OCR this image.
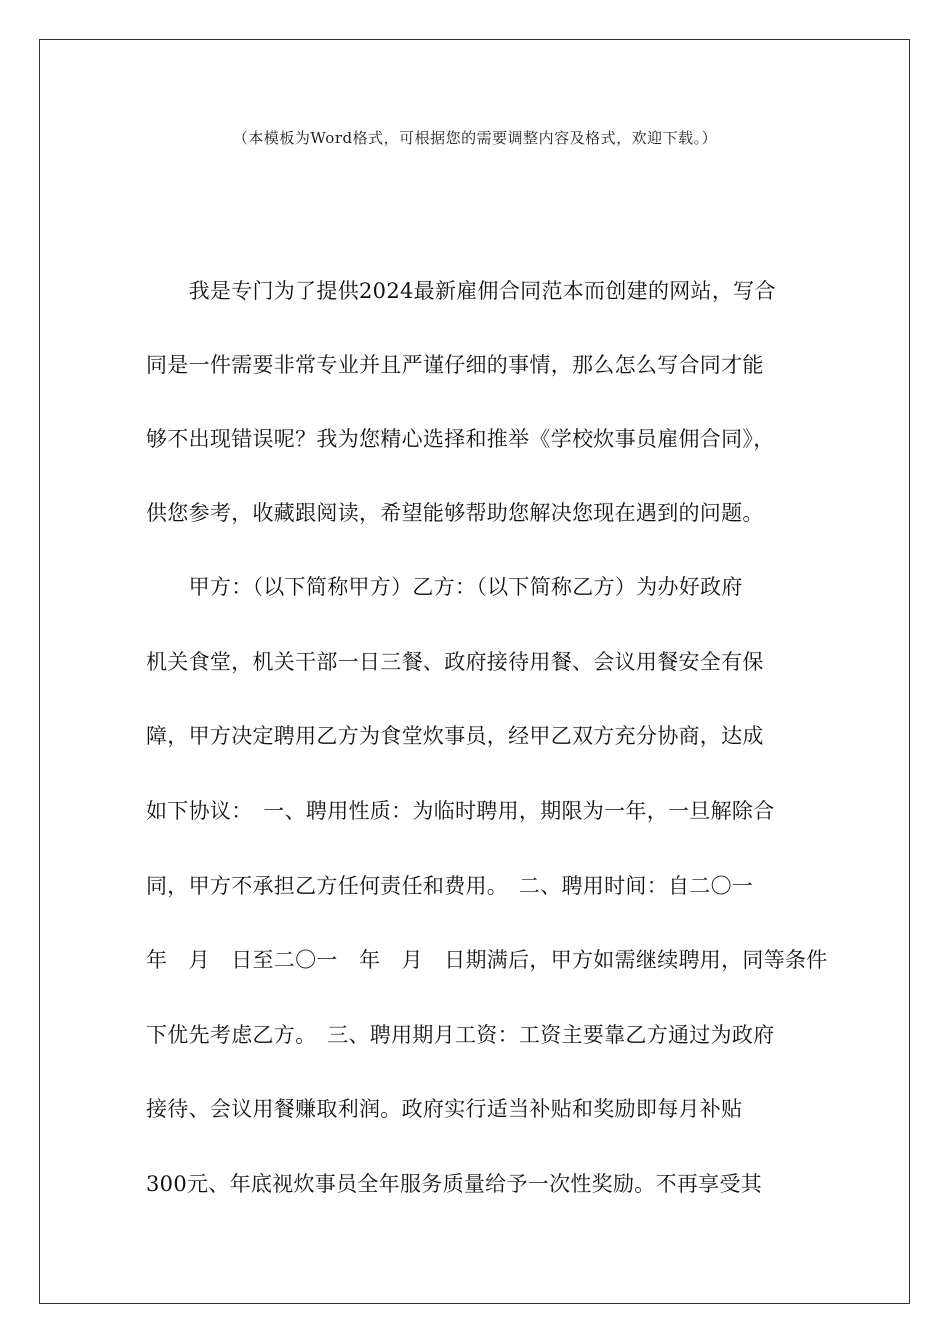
（本模板为Word格式，可根据您的需要调整内容及格式，欢迎下载。）
　　我是专门为了提供2024最新雇佣合同范本而创建的网站，写合
同是一件需要非常专业并且严谨仔细的事情，那么怎么写合同才能
够不出现错误呢？我为您精心选择和推举《学校炊事员雇佣合同》，
供您参考，收藏跟阅读，希望能够帮助您解决您现在遇到的问题。
　　甲方：（以下简称甲方）乙方：（以下简称乙方）为办好政府
机关食堂，机关干部一日三餐、政府接待用餐、会议用餐安全有保
障，甲方决定聘用乙方为食堂炊事员，经甲乙双方充分协商，达成
如下协议：　一、聘用性质：为临时聘用，期限为一年，一旦解除合
同，甲方不承担乙方任何责任和费用。　二、聘用时间：自二〇一
年　月　日至二〇一　年　月　日期满后，甲方如需继续聘用，同等条件
下优先考虑乙方。　三、聘用期月工资：工资主要靠乙方通过为政府
接待、会议用餐赚取利润。政府实行适当补贴和奖励即每月补贴
300元、年底视炊事员全年服务质量给予一次性奖励。不再享受其
